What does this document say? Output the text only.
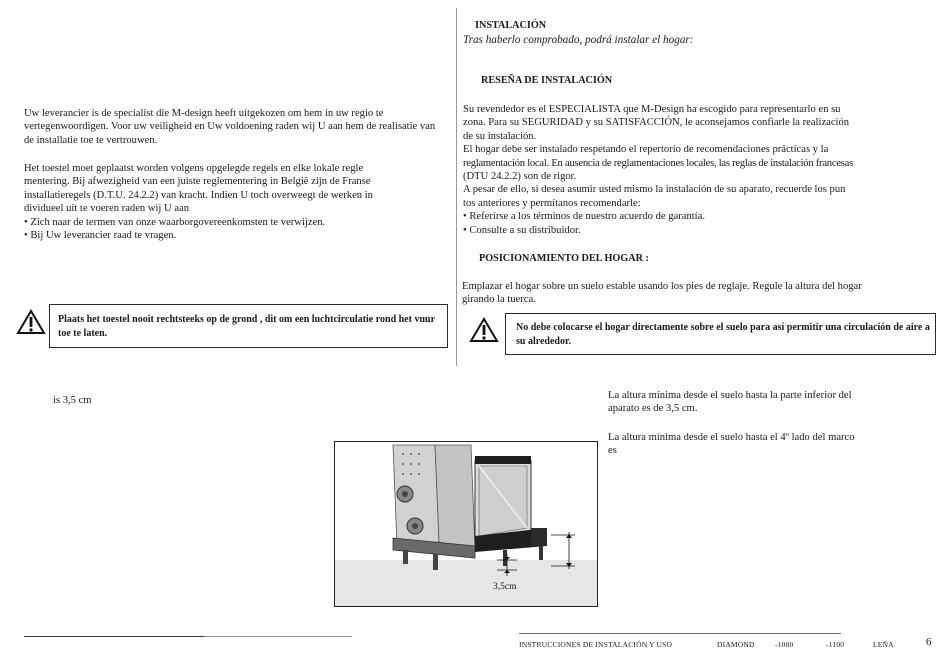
Uw leverancier is de specialist die M-design heeft uitgekozen om hem in uw regio te vertegenwoordigen. Voor uw veiligheid en Uw voldoening raden wij U aan hem de realisatie van de installatie toe te vertrouwen.
Het toestel moet geplaatst worden volgens opgelegde regels en elke lokale regle
mentering. Bij afwezigheid van een juiste reglementering in België zijn de Franse
installatieregels (D.T.U. 24.2.2) van kracht. Indien U toch overweegt de werken in
dividueel uit te voeren raden wij U aan
• Zich naar de termen van onze waarborgovereenkomsten te verwijzen.
• Bij Uw leverancier raad te vragen.
Plaats het toestel nooit rechtsteeks op de grond , dit om een luchtcirculatie rond het vuur toe te laten.
is 3,5 cm
INSTALACIÓN
Tras haberlo comprobado, podrá instalar el hogar:
RESEÑA DE INSTALACIÓN
Su revendedor es el ESPECIALISTA que M-Design ha escogido para representarlo en su
zona. Para su SEGURIDAD y su SATISFACCIÓN, le aconsejamos confiarle la realización
de su instalación.
El hogar debe ser instalado respetando el repertorio de recomendaciones prácticas y la
reglamentación local. En ausencia de reglamentaciones locales, las reglas de instalación francesas
(DTU 24.2.2) son de rigor.
A pesar de ello, si desea asumir usted mismo la instalación de su aparato, recuerde los pun
tos anteriores y permítanos recomendarle:
• Referirse a los términos de nuestro acuerdo de garantía.
• Consulte a su distribuidor.
POSICIONAMIENTO DEL HOGAR :
Emplazar el hogar sobre un suelo estable usando los pies de reglaje. Regule la altura del hogar
girando la tuerca.
No debe colocarse el hogar directamente sobre el suelo para así permitir una circulación de aire a su alrededor.
La altura mínima desde el suelo hasta la parte inferior del
aparato es de 3,5 cm.
La altura mínima desde el suelo hasta el 4º lado del marco
es
3,5cm
INSTRUCCIONES DE INSTALACIÓN Y USO	DIAMOND	-1000	-1100	LEÑA	6
